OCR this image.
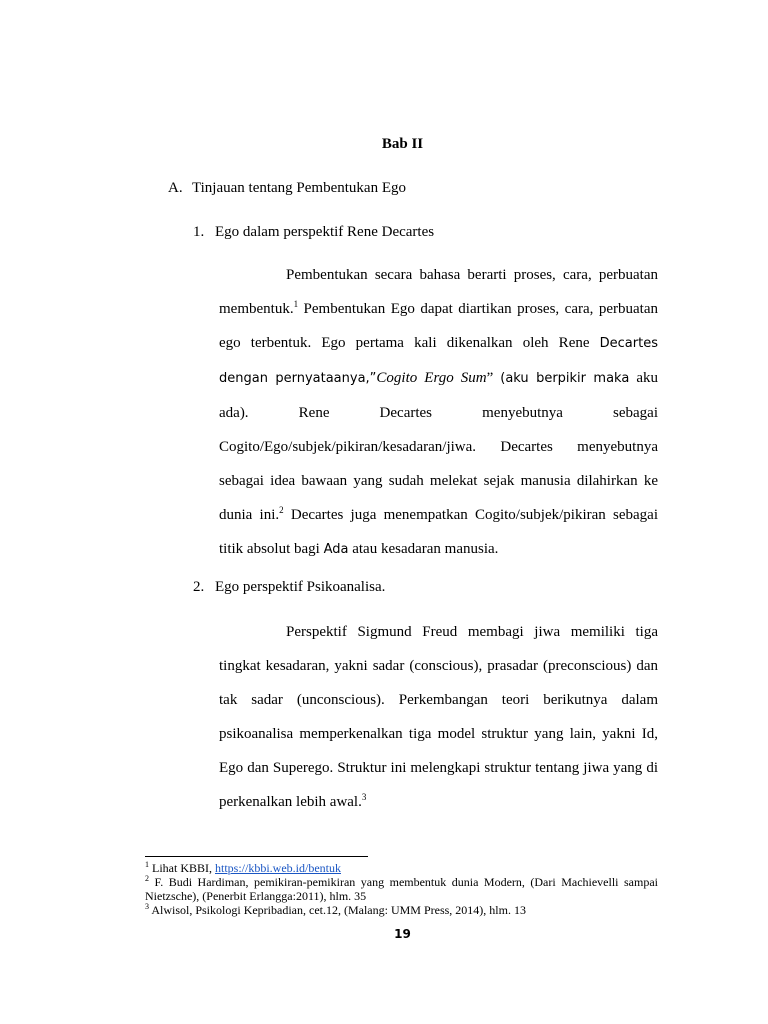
Bab II
A. Tinjauan tentang Pembentukan Ego
1. Ego dalam perspektif Rene Decartes

Pembentukan secara bahasa berarti proses, cara, perbuatan membentuk.$^1$ Pembentukan Ego dapat diartikan proses, cara, perbuatan ego terbentuk. Ego pertama kali dikenalkan oleh Rene Decartes dengan pernyataanya,”Cogito Ergo Sum” (aku berpikir maka aku ada). Rene Decartes menyebutnya sebagai Cogito/Ego/subjek/pikiran/kesadaran/jiwa. Decartes menyebutnya sebagai idea bawaan yang sudah melekat sejak manusia dilahirkan ke dunia ini.$^2$ Decartes juga menempatkan Cogito/subjek/pikiran sebagai titik absolut bagi Ada atau kesadaran manusia.

2. Ego perspektif Psikoanalisa.

Perspektif Sigmund Freud membagi jiwa memiliki tiga tingkat kesadaran, yakni sadar (conscious), prasadar (preconscious) dan tak sadar (unconscious). Perkembangan teori berikutnya dalam psikoanalisa memperkenalkan tiga model struktur yang lain, yakni Id, Ego dan Superego. Struktur ini melengkapi struktur tentang jiwa yang di perkenalkan lebih awal.$^3$

$^1$ Lihat KBBI, https://kbbi.web.id/bentuk

$^2$ F. Budi Hardiman, pemikiran-pemikiran yang membentuk dunia Modern, (Dari Machievelli sampai Nietzsche), (Penerbit Erlangga:2011), hlm. 35

$^3$ Alwisol, Psikologi Kepribadian, cet.12, (Malang: UMM Press, 2014), hlm. 13

19
